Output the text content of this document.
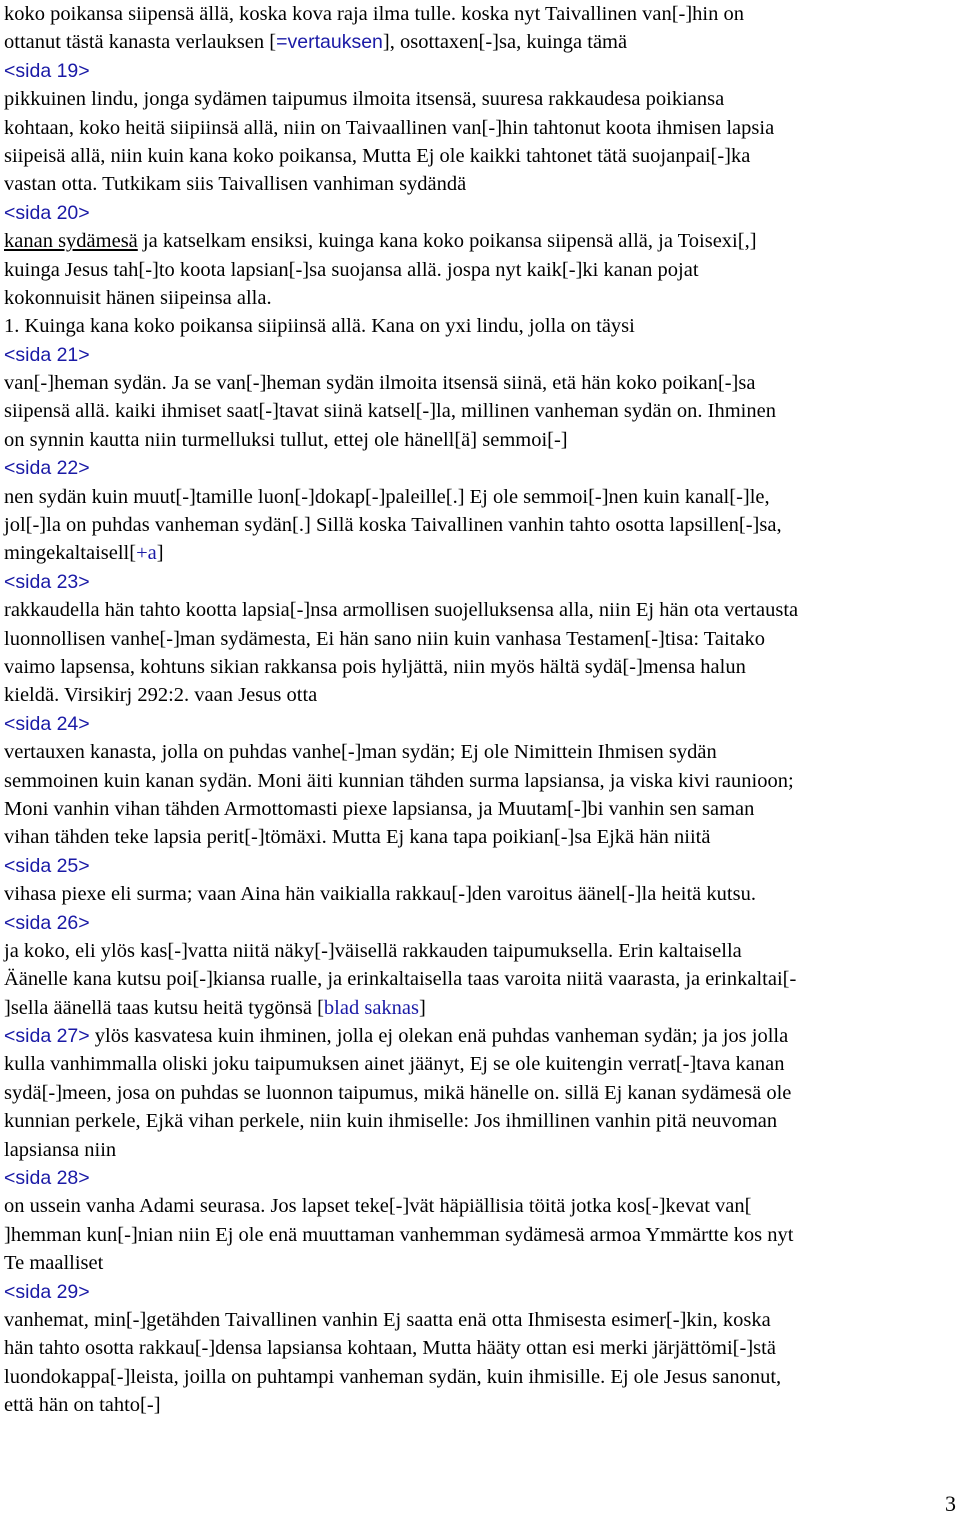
koko poikansa siipensä ällä, koska kova raja ilma tulle. koska nyt Taivallinen van[-]hin on
ottanut tästä kanasta verlauksen [=vertauksen], osottaxen[-]sa, kuinga tämä
<sida 19>
pikkuinen lindu, jonga sydämen taipumus ilmoita itsensä, suuresa rakkaudesa poikiansa
kohtaan, koko heitä siipiinsä allä, niin on Taivaallinen van[-]hin tahtonut koota ihmisen lapsia
siipeisä allä, niin kuin kana koko poikansa, Mutta Ej ole kaikki tahtonet tätä suojanpai[-]ka
vastan otta. Tutkikam siis Taivallisen vanhiman sydändä
<sida 20>
kanan sydämesä ja katselkam ensiksi, kuinga kana koko poikansa siipensä allä, ja Toisexi[,]
kuinga Jesus tah[-]to koota lapsian[-]sa suojansa allä. jospa nyt kaik[-]ki kanan pojat
kokonnuisit hänen siipeinsa alla.
1. Kuinga kana koko poikansa siipiinsä allä. Kana on yxi lindu, jolla on täysi
<sida 21>
van[-]heman sydän. Ja se van[-]heman sydän ilmoita itsensä siinä, etä hän koko poikan[-]sa
siipensä allä. kaiki ihmiset saat[-]tavat siinä katsel[-]la, millinen vanheman sydän on. Ihminen
on synnin kautta niin turmelluksi tullut, ettej ole hänell[ä] semmoi[-]
<sida 22>
nen sydän kuin muut[-]tamille luon[-]dokap[-]paleille[.] Ej ole semmoi[-]nen kuin kanal[-]le,
jol[-]la on puhdas vanheman sydän[.] Sillä koska Taivallinen vanhin tahto osotta lapsillen[-]sa,
mingekaltaisell[+a]
<sida 23>
rakkaudella hän tahto kootta lapsia[-]nsa armollisen suojelluksensa alla, niin Ej hän ota vertausta
luonnollisen vanhe[-]man sydämesta, Ei hän sano niin kuin vanhasa Testamen[-]tisa: Taitako
vaimo lapsensa, kohtuns sikian rakkansa pois hyljättä, niin myös hältä sydä[-]mensa halun
kieldä. Virsikirj 292:2. vaan Jesus otta
<sida 24>
vertauxen kanasta, jolla on puhdas vanhe[-]man sydän; Ej ole Nimittein Ihmisen sydän
semmoinen kuin kanan sydän. Moni äiti kunnian tähden surma lapsiansa, ja viska kivi raunioon;
Moni vanhin vihan tähden Armottomasti piexe lapsiansa, ja Muutam[-]bi vanhin sen saman
vihan tähden teke lapsia perit[-]tömäxi. Mutta Ej kana tapa poikian[-]sa Ejkä hän niitä
<sida 25>
vihasa piexe eli surma; vaan Aina hän vaikialla rakkau[-]den varoitus äänel[-]la heitä kutsu.
<sida 26>
ja koko, eli ylös kas[-]vatta niitä näky[-]väisellä rakkauden taipumuksella. Erin kaltaisella
Äänelle kana kutsu poi[-]kiansa rualle, ja erinkaltaisella taas varoita niitä vaarasta, ja erinkaltai[-
]sella äänellä taas kutsu heitä tygönsä [blad saknas]
<sida 27> ylös kasvatesa kuin ihminen, jolla ej olekan enä puhdas vanheman sydän; ja jos jolla
kulla vanhimmalla oliski joku taipumuksen ainet jäänyt, Ej se ole kuitengin verrat[-]tava kanan
sydä[-]meen, josa on puhdas se luonnon taipumus, mikä hänelle on. sillä Ej kanan sydämesä ole
kunnian perkele, Ejkä vihan perkele, niin kuin ihmiselle: Jos ihmillinen vanhin pitä neuvoman
lapsiansa niin
<sida 28>
on ussein vanha Adami seurasa. Jos lapset teke[-]vät häpiällisia töitä jotka kos[-]kevat van[
]hemman kun[-]nian niin Ej ole enä muuttaman vanhemman sydämesä armoa Ymmärtte kos nyt
Te maalliset
<sida 29>
vanhemat, min[-]getähden Taivallinen vanhin Ej saatta enä otta Ihmisesta esimer[-]kin, koska
hän tahto osotta rakkau[-]densa lapsiansa kohtaan, Mutta hääty ottan esi merki järjättömi[-]stä
luondokappa[-]leista, joilla on puhtampi vanheman sydän, kuin ihmisille. Ej ole Jesus sanonut,
että hän on tahto[-]
3
